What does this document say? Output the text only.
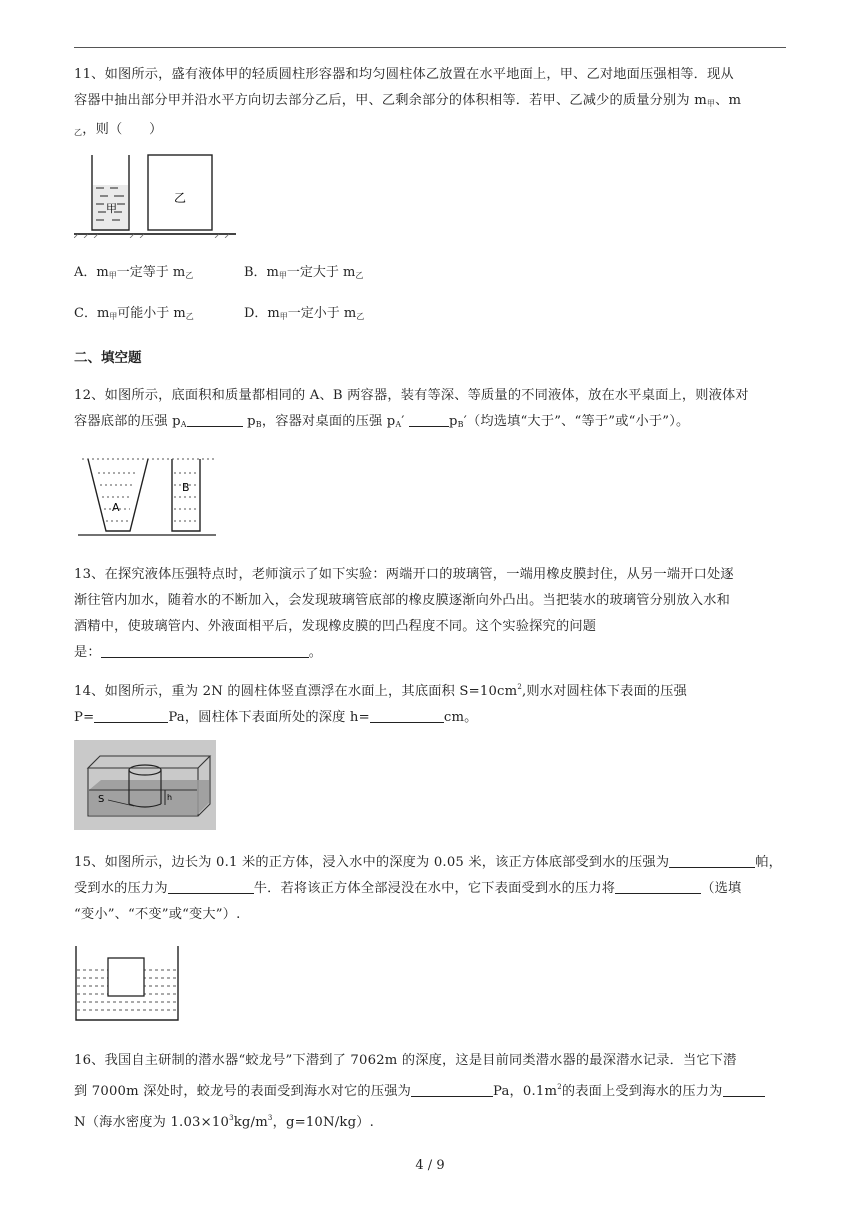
11、如图所示，盛有液体甲的轻质圆柱形容器和均匀圆柱体乙放置在水平地面上，甲、乙对地面压强相等．现从

容器中抽出部分甲并沿水平方向切去部分乙后，甲、乙剩余部分的体积相等．若甲、乙减少的质量分别为 $m_甲$、m

$_乙$，则（　　）

甲
乙
A．$m_甲$一定等于 $m_乙$	B．$m_甲$一定大于 $m_乙$
C．$m_甲$可能小于 $m_乙$	D．$m_甲$一定小于 $m_乙$
二、填空题

12、如图所示，底面积和质量都相同的 A、B 两容器，装有等深、等质量的不同液体，放在水平桌面上，则液体对

容器底部的压强 $p_A$	$p_B$，容器对桌面的压强 $p_A'$	$p_B'$（均选填“大于”、“等于”或“小于”）。

A
B

13、在探究液体压强特点时，老师演示了如下实验：两端开口的玻璃管，一端用橡皮膜封住，从另一端开口处逐

渐往管内加水，随着水的不断加入，会发现玻璃管底部的橡皮膜逐渐向外凸出。当把装水的玻璃管分别放入水和

酒精中，使玻璃管内、外液面相平后，发现橡皮膜的凹凸程度不同。这个实验探究的问题

是：	。

14、如图所示，重为 2N 的圆柱体竖直漂浮在水面上，其底面积 $S=10cm^2$,则水对圆柱体下表面的压强

P=	Pa，圆柱体下表面所处的深度 h=	cm。

h
S

15、如图所示，边长为 0.1 米的正方体，浸入水中的深度为 0.05 米，该正方体底部受到水的压强为	帕，

受到水的压力为	牛．若将该正方体全部浸没在水中，它下表面受到水的压力将	（选填

“变小”、“不变”或“变大”）.

16、我国自主研制的潜水器“蛟龙号”下潜到了 7062m 的深度，这是目前同类潜水器的最深潜水记录．当它下潜

到 7000m 深处时，蛟龙号的表面受到海水对它的压强为	Pa，$0.1m^2$的表面上受到海水的压力为

N（海水密度为 $1.03\times 10^3kg/m^3$，g=10N/kg）.

4 / 9
